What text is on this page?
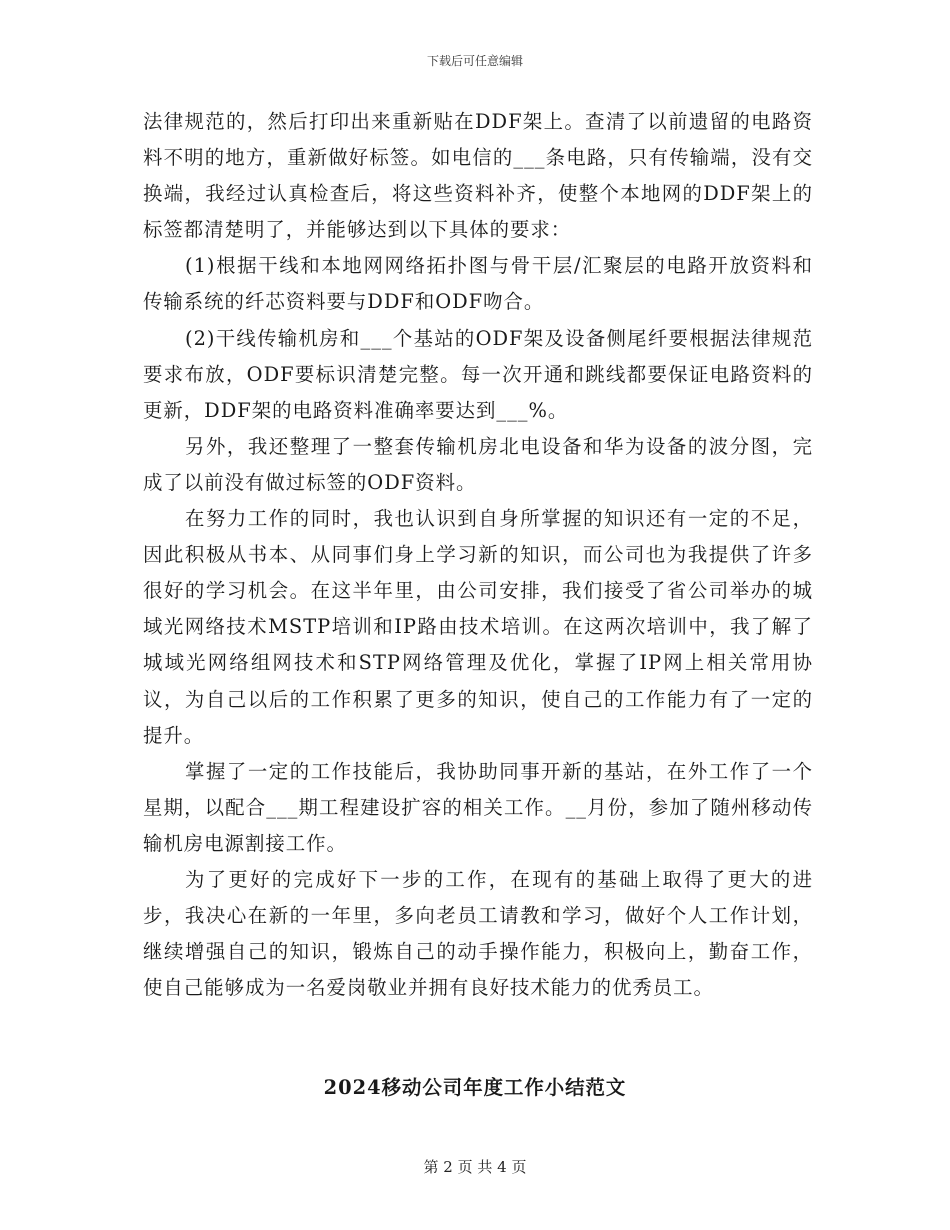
下载后可任意编辑

法律规范的，然后打印出来重新贴在DDF架上。查清了以前遗留的电路资料不明的地方，重新做好标签。如电信的___条电路，只有传输端，没有交换端，我经过认真检查后，将这些资料补齐，使整个本地网的DDF架上的标签都清楚明了，并能够达到以下具体的要求：

(1)根据干线和本地网网络拓扑图与骨干层/汇聚层的电路开放资料和传输系统的纤芯资料要与DDF和ODF吻合。

(2)干线传输机房和___个基站的ODF架及设备侧尾纤要根据法律规范要求布放，ODF要标识清楚完整。每一次开通和跳线都要保证电路资料的更新，DDF架的电路资料准确率要达到___%。

另外，我还整理了一整套传输机房北电设备和华为设备的波分图，完成了以前没有做过标签的ODF资料。

在努力工作的同时，我也认识到自身所掌握的知识还有一定的不足，因此积极从书本、从同事们身上学习新的知识，而公司也为我提供了许多很好的学习机会。在这半年里，由公司安排，我们接受了省公司举办的城域光网络技术MSTP培训和IP路由技术培训。在这两次培训中，我了解了城域光网络组网技术和STP网络管理及优化，掌握了IP网上相关常用协议，为自己以后的工作积累了更多的知识，使自己的工作能力有了一定的提升。

掌握了一定的工作技能后，我协助同事开新的基站，在外工作了一个星期，以配合___期工程建设扩容的相关工作。__月份，参加了随州移动传输机房电源割接工作。

为了更好的完成好下一步的工作，在现有的基础上取得了更大的进步，我决心在新的一年里，多向老员工请教和学习，做好个人工作计划，继续增强自己的知识，锻炼自己的动手操作能力，积极向上，勤奋工作，使自己能够成为一名爱岗敬业并拥有良好技术能力的优秀员工。

2024移动公司年度工作小结范文
第 2 页 共 4 页
